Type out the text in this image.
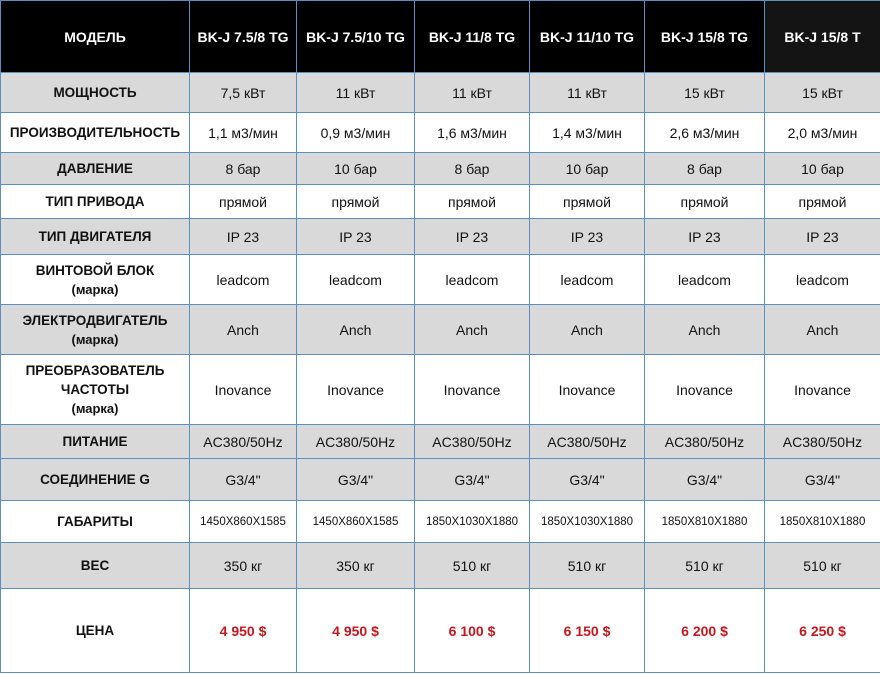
МОДЕЛЬ	BK-J 7.5/8 TG	BK-J 7.5/10 TG	BK-J 11/8 TG	BK-J 11/10 TG	BK-J 15/8 TG	BK-J 15/8 T
МОЩНОСТЬ	7,5 кВт	11 кВт	11 кВт	11 кВт	15 кВт	15 кВт
ПРОИЗВОДИТЕЛЬНОСТЬ	1,1 м3/мин	0,9 м3/мин	1,6 м3/мин	1,4 м3/мин	2,6 м3/мин	2,0 м3/мин
ДАВЛЕНИЕ	8 бар	10 бар	8 бар	10 бар	8 бар	10 бар
ТИП ПРИВОДА	прямой	прямой	прямой	прямой	прямой	прямой
ТИП ДВИГАТЕЛЯ	IP 23	IP 23	IP 23	IP 23	IP 23	IP 23
ВИНТОВОЙ БЛОК
(марка)	leadcom	leadcom	leadcom	leadcom	leadcom	leadcom
ЭЛЕКТРОДВИГАТЕЛЬ
(марка)	Anch	Anch	Anch	Anch	Anch	Anch
ПРЕОБРАЗОВАТЕЛЬ ЧАСТОТЫ
(марка)	Inovance	Inovance	Inovance	Inovance	Inovance	Inovance
ПИТАНИЕ	AC380/50Hz	AC380/50Hz	AC380/50Hz	AC380/50Hz	AC380/50Hz	AC380/50Hz
СОЕДИНЕНИЕ G	G3/4"	G3/4"	G3/4"	G3/4"	G3/4"	G3/4"
ГАБАРИТЫ	1450X860X1585	1450X860X1585	1850X1030X1880	1850X1030X1880	1850X810X1880	1850X810X1880
ВЕС	350 кг	350 кг	510 кг	510 кг	510 кг	510 кг
ЦЕНА	4 950 $	4 950 $	6 100 $	6 150 $	6 200 $	6 250 $
